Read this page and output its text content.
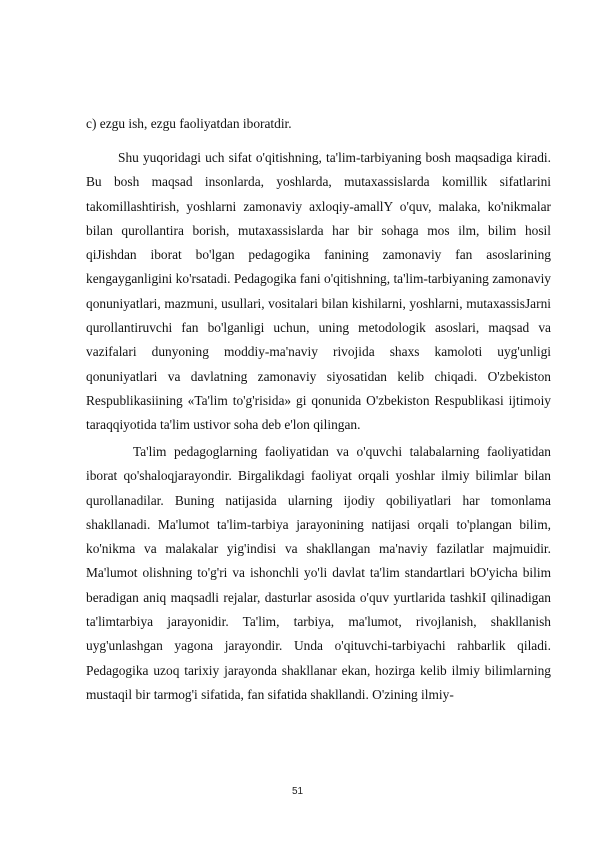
c) ezgu ish, ezgu faoliyatdan iboratdir.

Shu yuqoridagi uch sifat o'qitishning, ta'lim-tarbiyaning bosh maqsadiga kiradi. Bu bosh maqsad insonlarda, yoshlarda, mutaxassislarda komillik sifatlarini takomillashtirish, yoshlarni zamonaviy axloqiy-amallY o'quv, malaka, ko'nikmalar bilan qurollantira borish, mutaxassislarda har bir sohaga mos ilm, bilim hosil qiJishdan iborat bo'lgan pedagogika fanining zamonaviy fan asoslarining kengayganligini ko'rsatadi. Pedagogika fani o'qitishning, ta'lim-tarbiyaning zamonaviy qonuniyatlari, mazmuni, usullari, vositalari bilan kishilarni, yoshlarni, mutaxassisJarni qurollantiruvchi fan bo'lganligi uchun, uning metodologik asoslari, maqsad va vazifalari dunyoning moddiy-ma'naviy rivojida shaxs kamoloti uyg'unligi qonuniyatlari va davlatning zamonaviy siyosatidan kelib chiqadi. O'zbekiston Respublikasiining «Ta'lim to'g'risida» gi qonunida O'zbekiston Respublikasi ijtimoiy taraqqiyotida ta'lim ustivor soha deb e'lon qilingan.

Ta'lim pedagoglarning faoliyatidan va o'quvchi talabalarning faoliyatidan iborat qo'shaloqjarayondir. Birgalikdagi faoliyat orqali yoshlar ilmiy bilimlar bilan qurollanadilar. Buning natijasida ularning ijodiy qobiliyatlari har tomonlama shakllanadi. Ma'lumot ta'lim-tarbiya jarayonining natijasi orqali to'plangan bilim, ko'nikma va malakalar yig'indisi va shakllangan ma'naviy fazilatlar majmuidir. Ma'lumot olishning to'g'ri va ishonchli yo'li davlat ta'lim standartlari bO'yicha bilim beradigan aniq maqsadli rejalar, dasturlar asosida o'quv yurtlarida tashkiI qilinadigan ta'limtarbiya jarayonidir. Ta'lim, tarbiya, ma'lumot, rivojlanish, shakllanish uyg'unlashgan yagona jarayondir. Unda o'qituvchi-tarbiyachi rahbarlik qiladi. Pedagogika uzoq tarixiy jarayonda shakllanar ekan, hozirga kelib ilmiy bilimlarning mustaqil bir tarmog'i sifatida, fan sifatida shakllandi. O'zining ilmiy-

51
